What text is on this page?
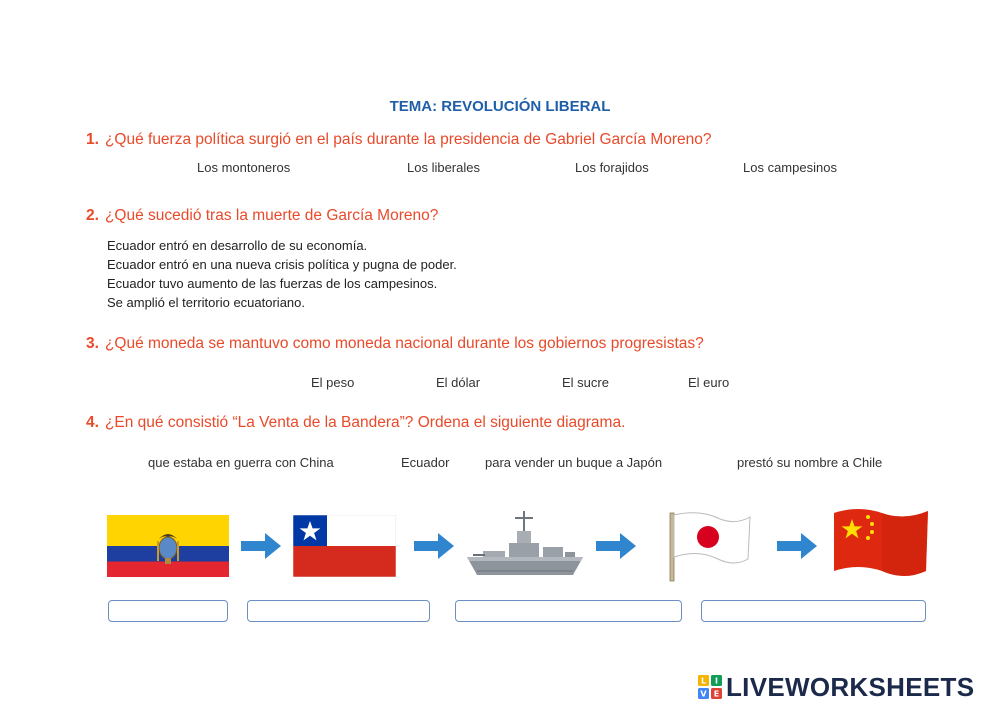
TEMA: REVOLUCIÓN LIBERAL
1. ¿Qué fuerza política surgió en el país durante la presidencia de Gabriel García Moreno?
Los montoneros	Los liberales	Los forajidos	Los campesinos
2. ¿Qué sucedió tras la muerte de García Moreno?
Ecuador entró en desarrollo de su economía.
Ecuador entró en una nueva crisis política y pugna de poder.
Ecuador tuvo aumento de las fuerzas de los campesinos.
Se amplió el territorio ecuatoriano.
3. ¿Qué moneda se mantuvo como moneda nacional durante los gobiernos progresistas?
El peso	El dólar	El sucre	El euro
4. ¿En qué consistió “La Venta de la Bandera”? Ordena el siguiente diagrama.
que estaba en guerra con China	Ecuador	para vender un buque a Japón	prestó su nombre a Chile
L I
V E LIVEWORKSHEETS
